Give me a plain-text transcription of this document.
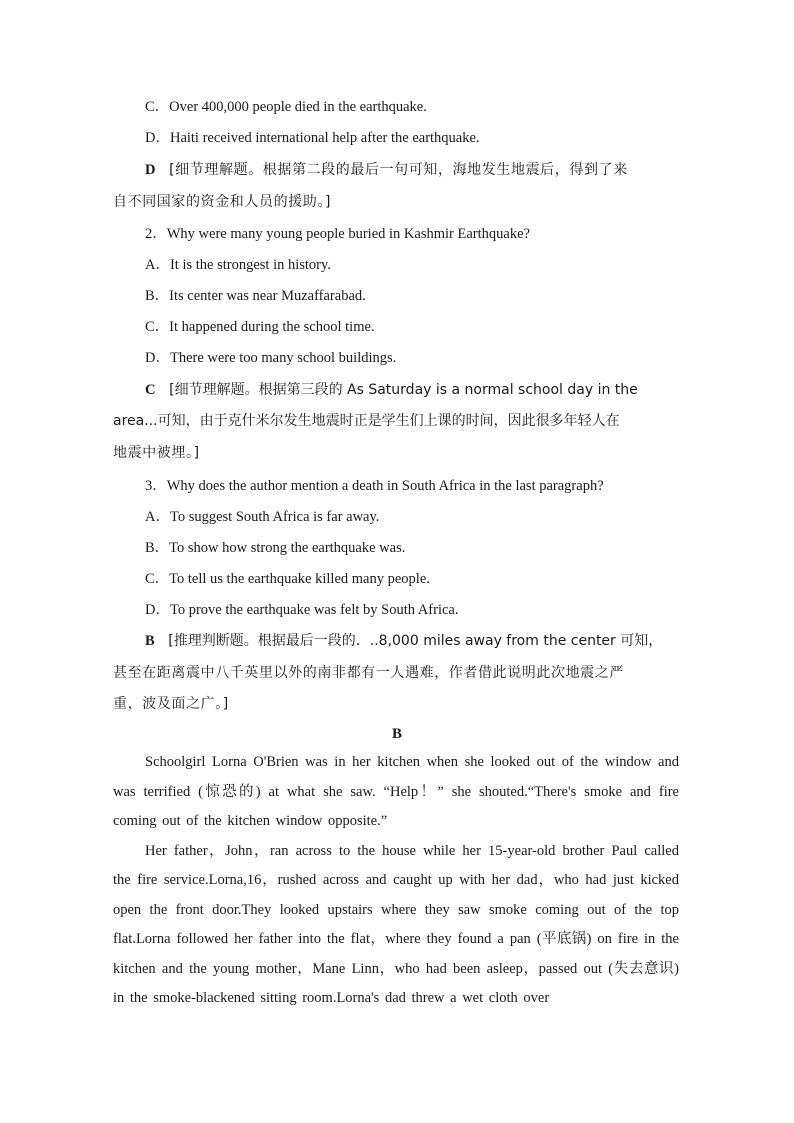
C．Over 400,000 people died in the earthquake.
D．Haiti received international help after the earthquake.
D [细节理解题。根据第二段的最后一句可知，海地发生地震后，得到了来
自不同国家的资金和人员的援助。]
2．Why were many young people buried in Kashmir Earthquake?
A．It is the strongest in history.
B．Its center was near Muzaffarabad.
C．It happened during the school time.
D．There were too many school buildings.
C [细节理解题。根据第三段的 As Saturday is a normal school day in the
area...可知，由于克什米尔发生地震时正是学生们上课的时间，因此很多年轻人在
地震中被埋。]
3．Why does the author mention a death in South Africa in the last paragraph?
A．To suggest South Africa is far away.
B．To show how strong the earthquake was.
C．To tell us the earthquake killed many people.
D．To prove the earthquake was felt by South Africa.
B [推理判断题。根据最后一段的．..8,000 miles away from the center 可知，
甚至在距离震中八千英里以外的南非都有一人遇难，作者借此说明此次地震之严
重，波及面之广。]
B

Schoolgirl Lorna O'Brien was in her kitchen when she looked out of the window and was terrified (惊恐的) at what she saw. “Help！” she shouted.“There's smoke and fire coming out of the kitchen window opposite.”

Her father，John，ran across to the house while her 15-year-old brother Paul called the fire service.Lorna,16，rushed across and caught up with her dad，who had just kicked open the front door.They looked upstairs where they saw smoke coming out of the top flat.Lorna followed her father into the flat，where they found a pan (平底锅) on fire in the kitchen and the young mother，Mane Linn，who had been asleep，passed out (失去意识) in the smoke-blackened sitting room.Lorna's dad threw a wet cloth over
